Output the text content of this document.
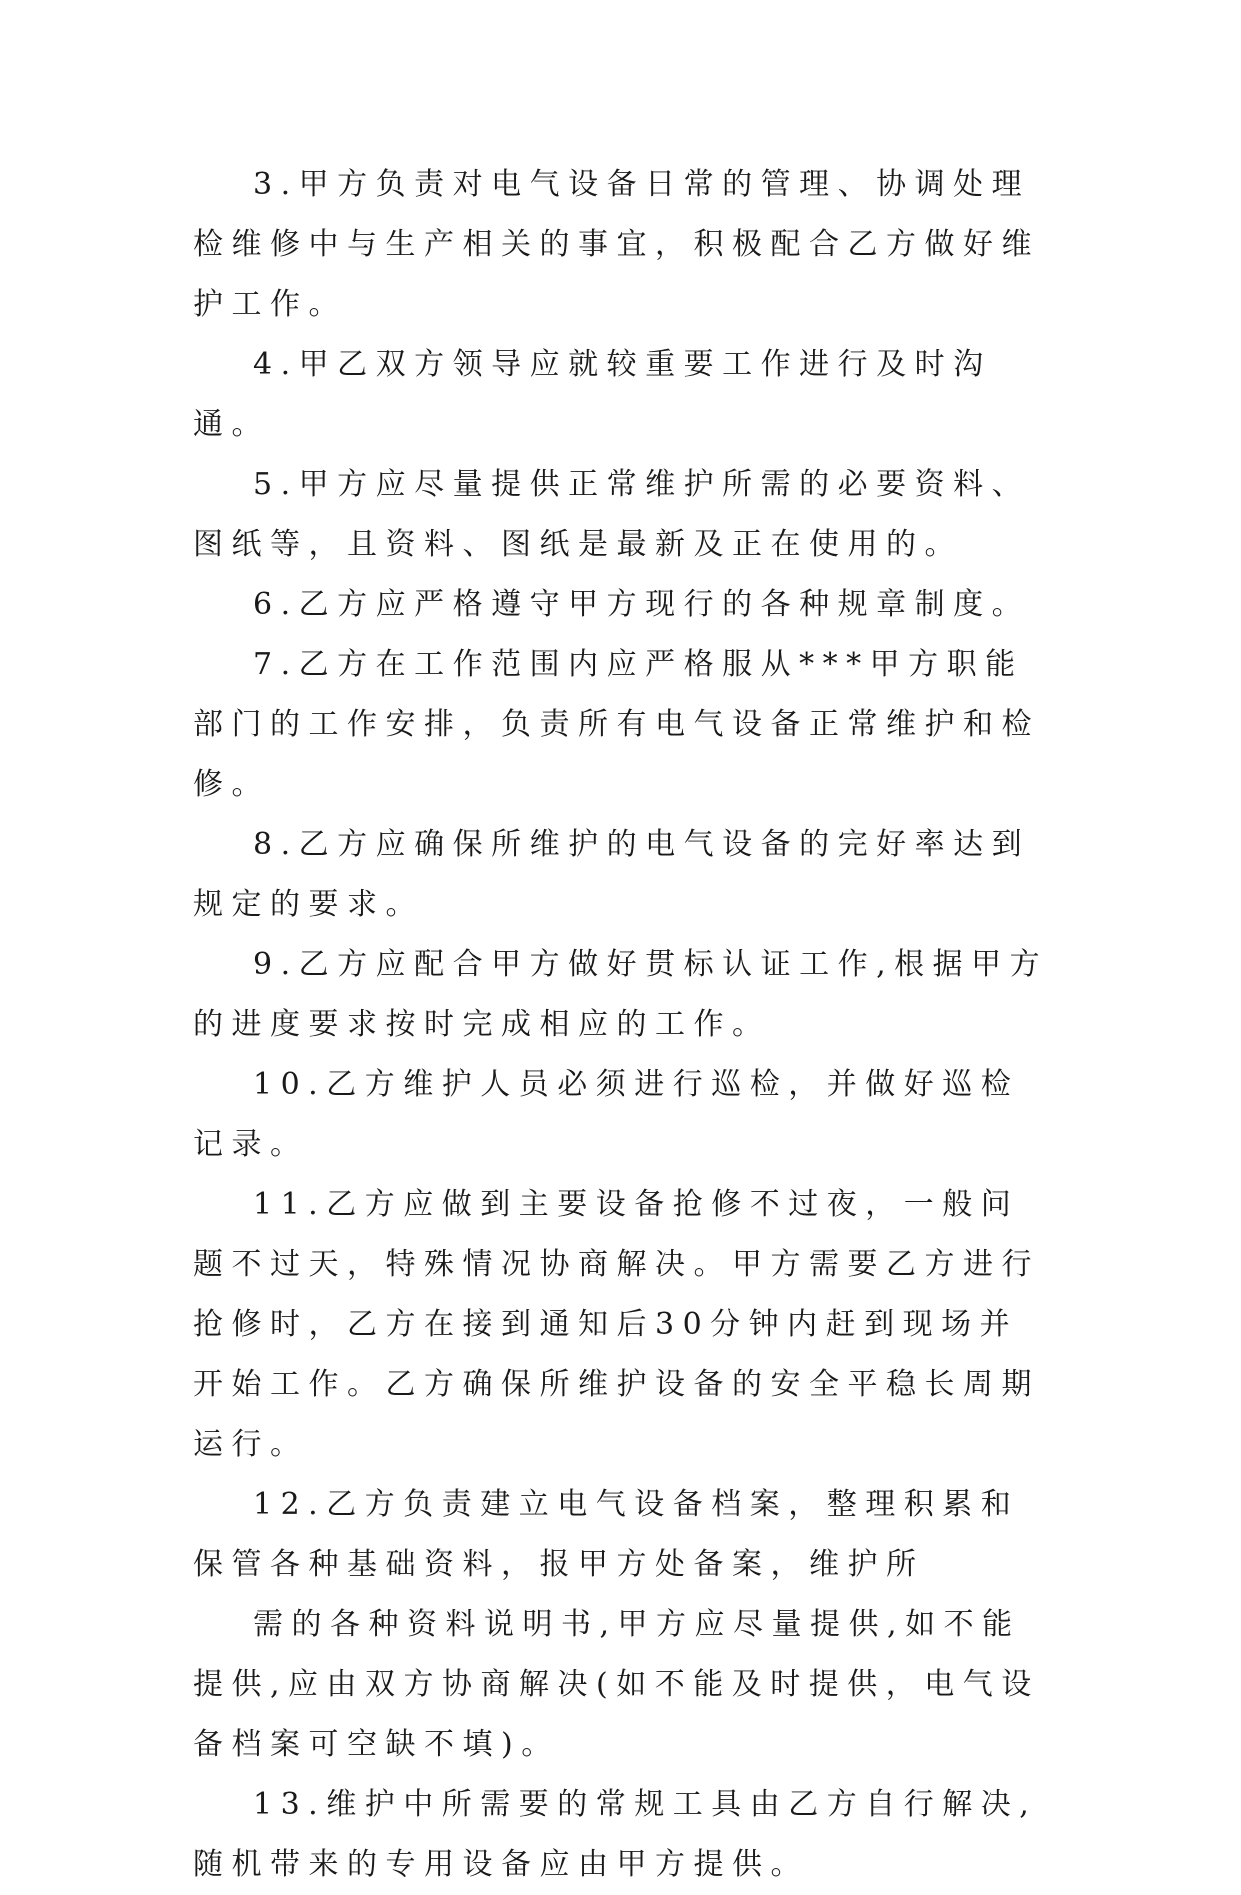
3.甲方负责对电气设备日常的管理、协调处理检维修中与生产相关的事宜，积极配合乙方做好维护工作。

4.甲乙双方领导应就较重要工作进行及时沟通。

5.甲方应尽量提供正常维护所需的必要资料、图纸等，且资料、图纸是最新及正在使用的。

6.乙方应严格遵守甲方现行的各种规章制度。

7.乙方在工作范围内应严格服从***甲方职能部门的工作安排，负责所有电气设备正常维护和检修。

8.乙方应确保所维护的电气设备的完好率达到规定的要求。

9.乙方应配合甲方做好贯标认证工作,根据甲方的进度要求按时完成相应的工作。

10.乙方维护人员必须进行巡检，并做好巡检记录。

11.乙方应做到主要设备抢修不过夜，一般问题不过天，特殊情况协商解决。甲方需要乙方进行抢修时，乙方在接到通知后30分钟内赶到现场并开始工作。乙方确保所维护设备的安全平稳长周期运行。

12.乙方负责建立电气设备档案，整理积累和保管各种基础资料，报甲方处备案，维护所

需的各种资料说明书,甲方应尽量提供,如不能提供,应由双方协商解决(如不能及时提供，电气设备档案可空缺不填)。

13.维护中所需要的常规工具由乙方自行解决,随机带来的专用设备应由甲方提供。
